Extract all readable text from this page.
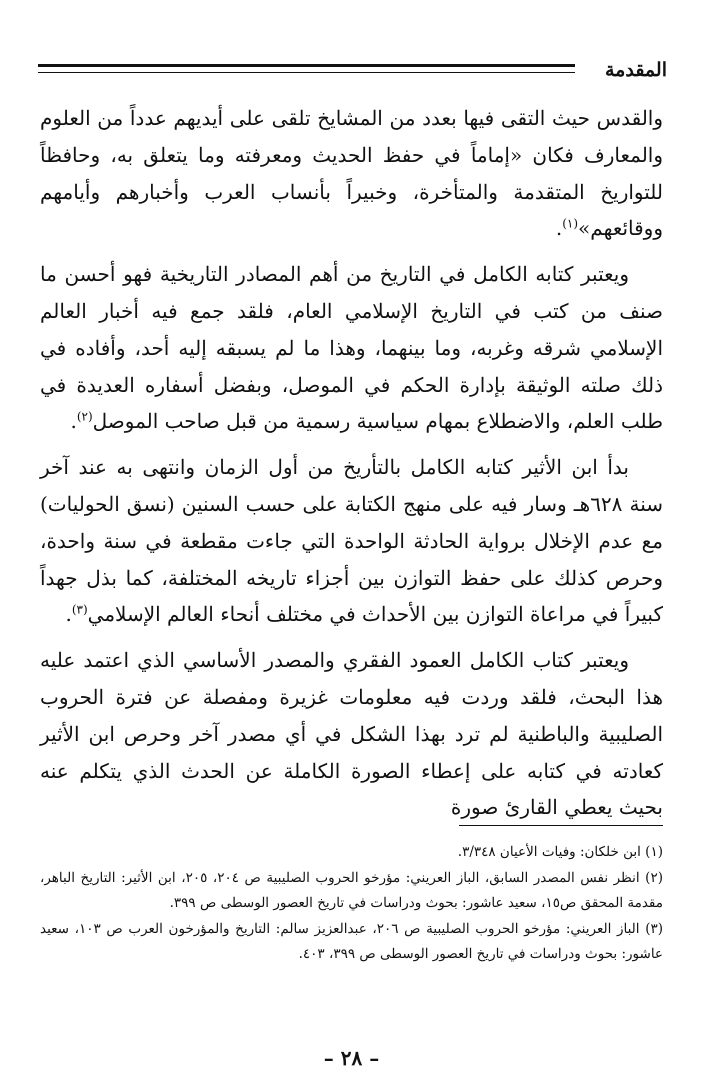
المقدمة

والقدس حيث التقى فيها بعدد من المشايخ تلقى على أيديهم عدداً من العلوم والمعارف فكان «إماماً في حفظ الحديث ومعرفته وما يتعلق به، وحافظاً للتواريخ المتقدمة والمتأخرة، وخبيراً بأنساب العرب وأخبارهم وأيامهم ووقائعهم»$^{(١)}$.

ويعتبر كتابه الكامل في التاريخ من أهم المصادر التاريخية فهو أحسن ما صنف من كتب في التاريخ الإسلامي العام، فلقد جمع فيه أخبار العالم الإسلامي شرقه وغربه، وما بينهما، وهذا ما لم يسبقه إليه أحد، وأفاده في ذلك صلته الوثيقة بإدارة الحكم في الموصل، وبفضل أسفاره العديدة في طلب العلم، والاضطلاع بمهام سياسية رسمية من قبل صاحب الموصل$^{(٢)}$.

بدأ ابن الأثير كتابه الكامل بالتأريخ من أول الزمان وانتهى به عند آخر سنة ٦٢٨هـ وسار فيه على منهج الكتابة على حسب السنين (نسق الحوليات) مع عدم الإخلال برواية الحادثة الواحدة التي جاءت مقطعة في سنة واحدة، وحرص كذلك على حفظ التوازن بين أجزاء تاريخه المختلفة، كما بذل جهداً كبيراً في مراعاة التوازن بين الأحداث في مختلف أنحاء العالم الإسلامي$^{(٣)}$.

ويعتبر كتاب الكامل العمود الفقري والمصدر الأساسي الذي اعتمد عليه هذا البحث، فلقد وردت فيه معلومات غزيرة ومفصلة عن فترة الحروب الصليبية والباطنية لم ترد بهذا الشكل في أي مصدر آخر وحرص ابن الأثير كعادته في كتابه على إعطاء الصورة الكاملة عن الحدث الذي يتكلم عنه بحيث يعطي القارئ صورة

(١) ابن خلكان: وفيات الأعيان ٣/٣٤٨.

(٢) انظر نفس المصدر السابق، الباز العريني: مؤرخو الحروب الصليبية ص ٢٠٤، ٢٠٥، ابن الأثير: التاريخ الباهر، مقدمة المحقق ص١٥، سعيد عاشور: بحوث ودراسات في تاريخ العصور الوسطى ص ٣٩٩.

(٣) الباز العريني: مؤرخو الحروب الصليبية ص ٢٠٦، عبدالعزيز سالم: التاريخ والمؤرخون العرب ص ١٠٣، سعيد عاشور: بحوث ودراسات في تاريخ العصور الوسطى ص ٣٩٩، ٤٠٣.

– ٢٨ –
